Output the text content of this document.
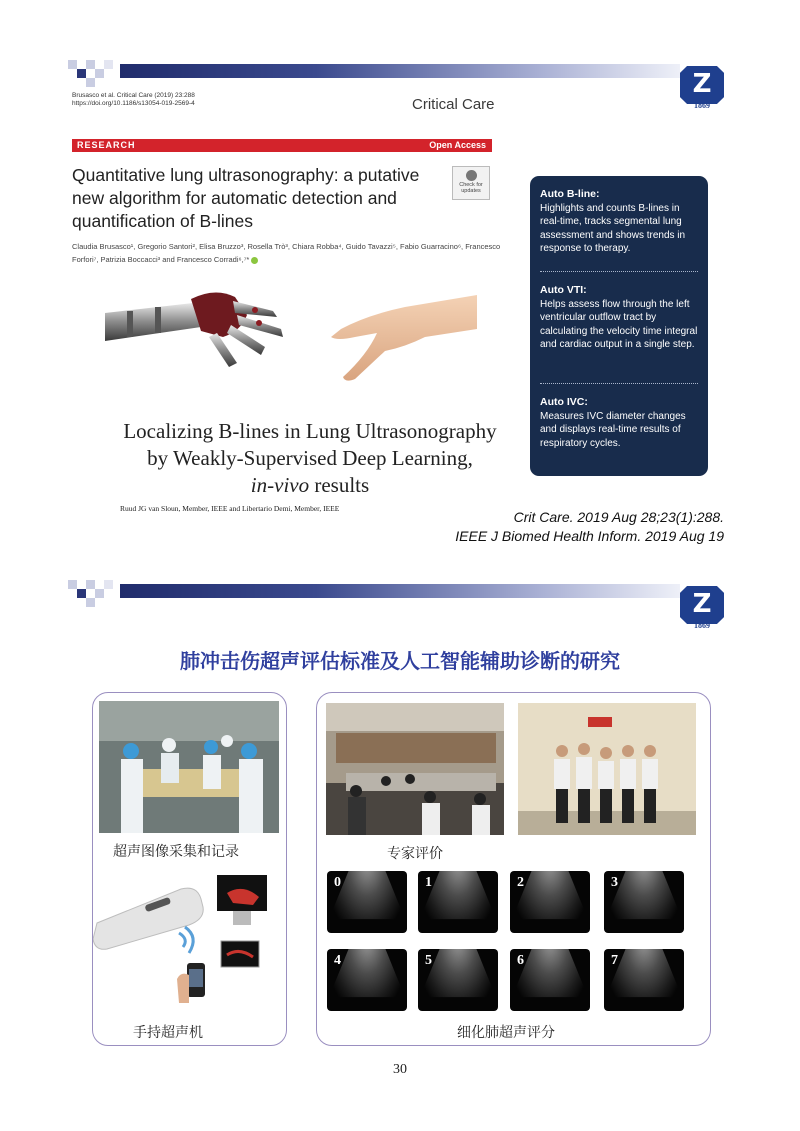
Z
1869
Brusasco et al. Critical Care (2019) 23:288
https://doi.org/10.1186/s13054-019-2569-4	Critical Care
RESEARCH	Open Access
Quantitative lung ultrasonography: a putative new algorithm for automatic detection and quantification of B-lines
Check for updates
Claudia Brusasco¹, Gregorio Santori², Elisa Bruzzo³, Rosella Trò³, Chiara Robba⁴, Guido Tavazzi⁵, Fabio Guarracino⁶, Francesco Forfori⁷, Patrizia Boccacci³ and Francesco Corradi⁶,⁷*
Localizing B-lines in Lung Ultrasonography
by Weakly-Supervised Deep Learning,
in-vivo results
Ruud JG van Sloun, Member, IEEE and Libertario Demi, Member, IEEE
Crit Care. 2019 Aug 28;23(1):288.
IEEE J Biomed Health Inform. 2019 Aug 19
Auto B-line:
Highlights and counts B-lines in real-time, tracks segmental lung assessment and shows trends in response to therapy.
Auto VTI:
Helps assess flow through the left ventricular outflow tract by calculating the velocity time integral and cardiac output in a single step.
Auto IVC:
Measures IVC diameter changes and displays real-time results of respiratory cycles.
Z
1869
肺冲击伤超声评估标准及人工智能辅助诊断的研究
超声图像采集和记录
手持超声机
专家评价
0	1	2	3
4	5	6	7
细化肺超声评分
30
